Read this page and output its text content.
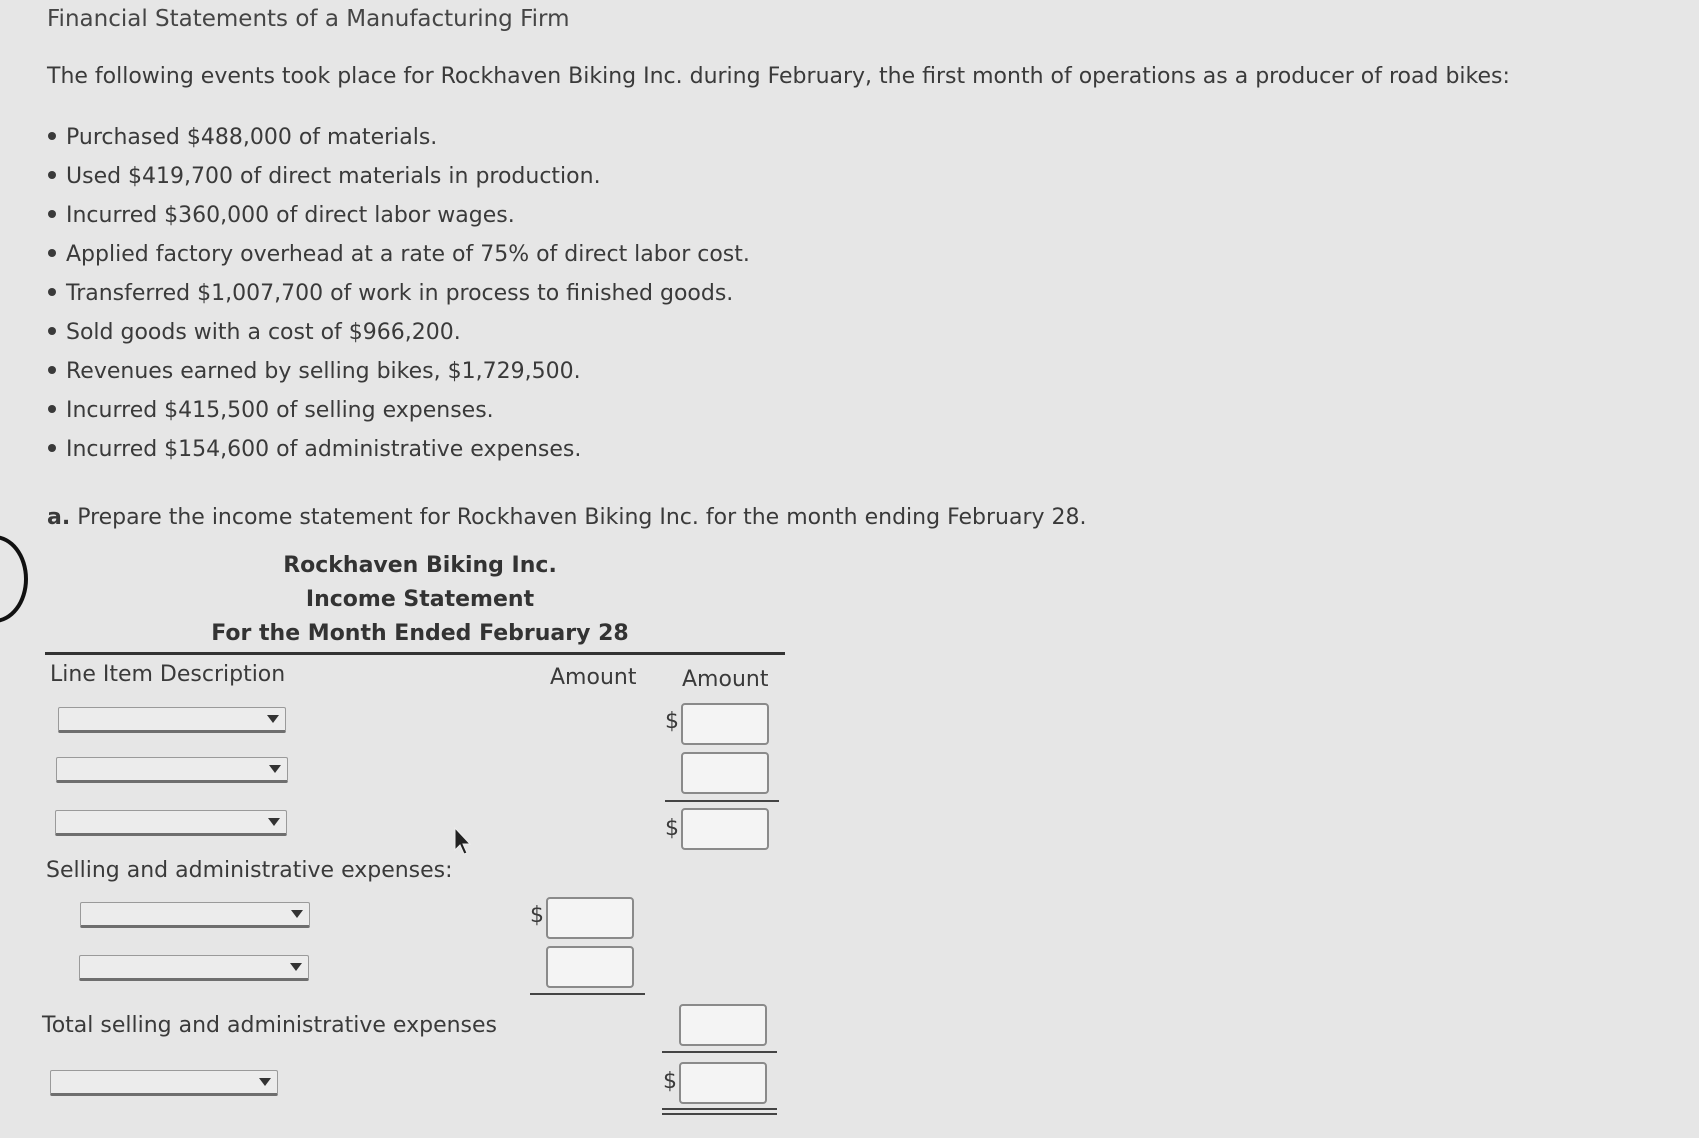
Financial Statements of a Manufacturing Firm
The following events took place for Rockhaven Biking Inc. during February, the first month of operations as a producer of road bikes:
Purchased $488,000 of materials.
Used $419,700 of direct materials in production.
Incurred $360,000 of direct labor wages.
Applied factory overhead at a rate of 75% of direct labor cost.
Transferred $1,007,700 of work in process to finished goods.
Sold goods with a cost of $966,200.
Revenues earned by selling bikes, $1,729,500.
Incurred $415,500 of selling expenses.
Incurred $154,600 of administrative expenses.
a. Prepare the income statement for Rockhaven Biking Inc. for the month ending February 28.
Rockhaven Biking Inc.
Income Statement
For the Month Ended February 28
Line Item Description	Amount Amount
$
$
Selling and administrative expenses:
$
Total selling and administrative expenses
$
